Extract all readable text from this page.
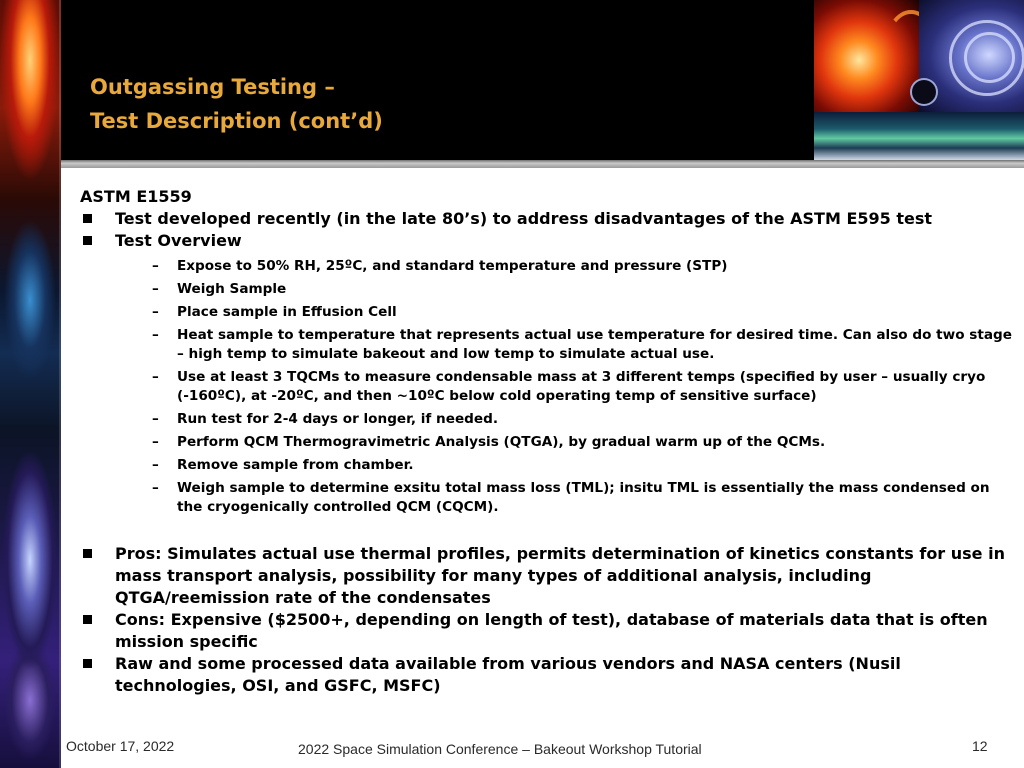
Outgassing Testing –
Test Description (cont’d)

ASTM E1559

Test developed recently (in the late 80’s) to address disadvantages of the ASTM E595 test

Test Overview

– Expose to 50% RH, 25ºC, and standard temperature and pressure (STP)

– Weigh Sample

– Place sample in Effusion Cell

– Heat sample to temperature that represents actual use temperature for desired time. Can also do two stage – high temp to simulate bakeout and low temp to simulate actual use.

– Use at least 3 TQCMs to measure condensable mass at 3 different temps (specified by user – usually cryo (-160ºC), at -20ºC, and then ~10ºC below cold operating temp of sensitive surface)

– Run test for 2-4 days or longer, if needed.

– Perform QCM Thermogravimetric Analysis (QTGA), by gradual warm up of the QCMs.

– Remove sample from chamber.

– Weigh sample to determine exsitu total mass loss (TML); insitu TML is essentially the mass condensed on the cryogenically controlled QCM (CQCM).

Pros: Simulates actual use thermal profiles, permits determination of kinetics constants for use in mass transport analysis, possibility for many types of additional analysis, including QTGA/reemission rate of the condensates

Cons: Expensive ($2500+, depending on length of test), database of materials data that is often mission specific

Raw and some processed data available from various vendors and NASA centers (Nusil technologies, OSI, and GSFC, MSFC)

October 17, 2022	2022 Space Simulation Conference – Bakeout Workshop Tutorial	12
